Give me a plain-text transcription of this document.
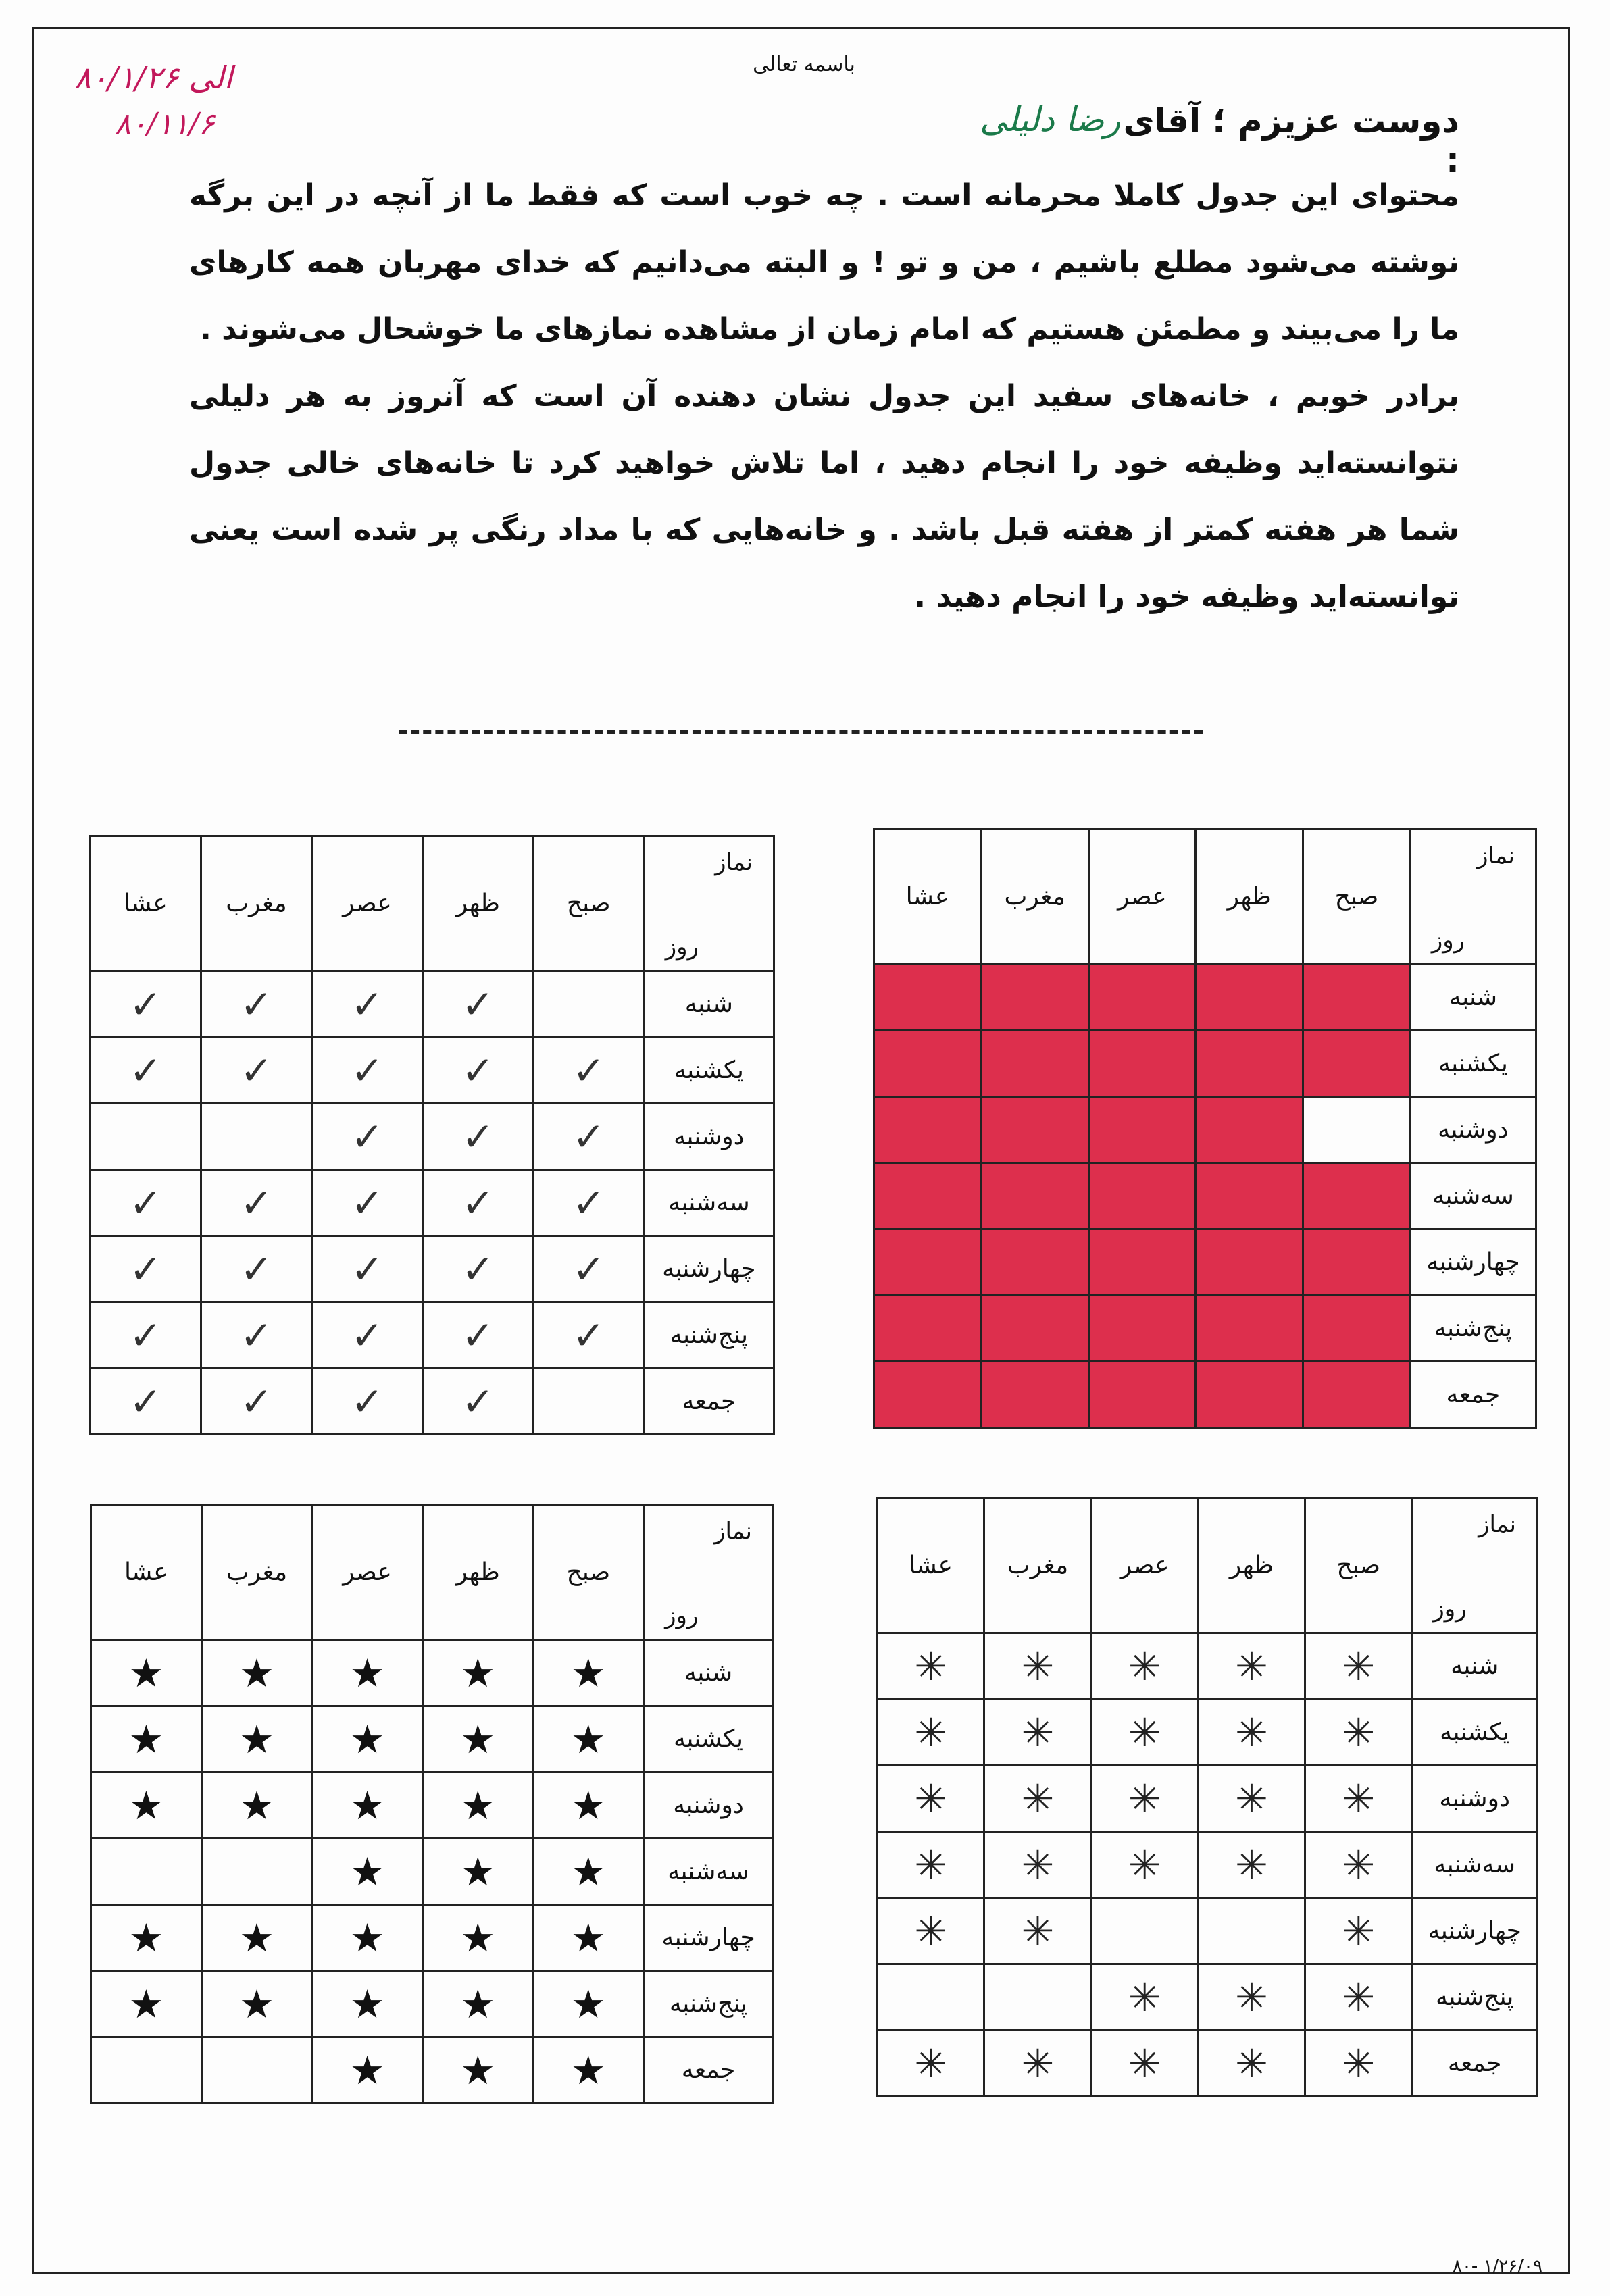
باسمه تعالی
۸۰/۱/۲۶ الی
۸۰/۱۱/۶	رضا دلیلی دوست عزیزم ؛ آقای :

محتوای این جدول کاملا محرمانه است . چه خوب است که فقط ما از آنچه در این برگه نوشته می‌شود مطلع باشیم ، من و تو ! و البته می‌دانیم که خدای مهربان همه کارهای ما را می‌بیند و مطمئن هستیم که امام زمان از مشاهده نمازهای ما خوشحال می‌شوند .

برادر خوبم ، خانه‌های سفید این جدول نشان دهنده آن است که آنروز به هر دلیلی نتوانسته‌اید وظیفه خود را انجام دهید ، اما تلاش خواهید کرد تا خانه‌های خالی جدول شما هر هفته کمتر از هفته قبل باشد . و خانه‌هایی که با مداد رنگی پر شده است یعنی توانسته‌اید وظیفه خود را انجام دهید .

نماز
روز	صبح	ظهر	عصر	مغرب	عشا
شنبه					
یکشنبه					
دوشنبه					
سه‌شنبه					
چهارشنبه					
پنج‌شنبه					
جمعه					
نماز
روز	صبح	ظهر	عصر	مغرب	عشا
شنبه		✓	✓	✓	✓
یکشنبه	✓	✓	✓	✓	✓
دوشنبه	✓	✓	✓		
سه‌شنبه	✓	✓	✓	✓	✓
چهارشنبه	✓	✓	✓	✓	✓
پنج‌شنبه	✓	✓	✓	✓	✓
جمعه		✓	✓	✓	✓
نماز
روز	صبح	ظهر	عصر	مغرب	عشا
شنبه	✳	✳	✳	✳	✳
یکشنبه	✳	✳	✳	✳	✳
دوشنبه	✳	✳	✳	✳	✳
سه‌شنبه	✳	✳	✳	✳	✳
چهارشنبه	✳			✳	✳
پنج‌شنبه	✳	✳	✳		
جمعه	✳	✳	✳	✳	✳
نماز
روز	صبح	ظهر	عصر	مغرب	عشا
شنبه	★	★	★	★	★
یکشنبه	★	★	★	★	★
دوشنبه	★	★	★	★	★
سه‌شنبه	★	★	★		
چهارشنبه	★	★	★	★	★
پنج‌شنبه	★	★	★	★	★
جمعه	★	★	★		
۸۰- ۱/۲۶/۰۹
